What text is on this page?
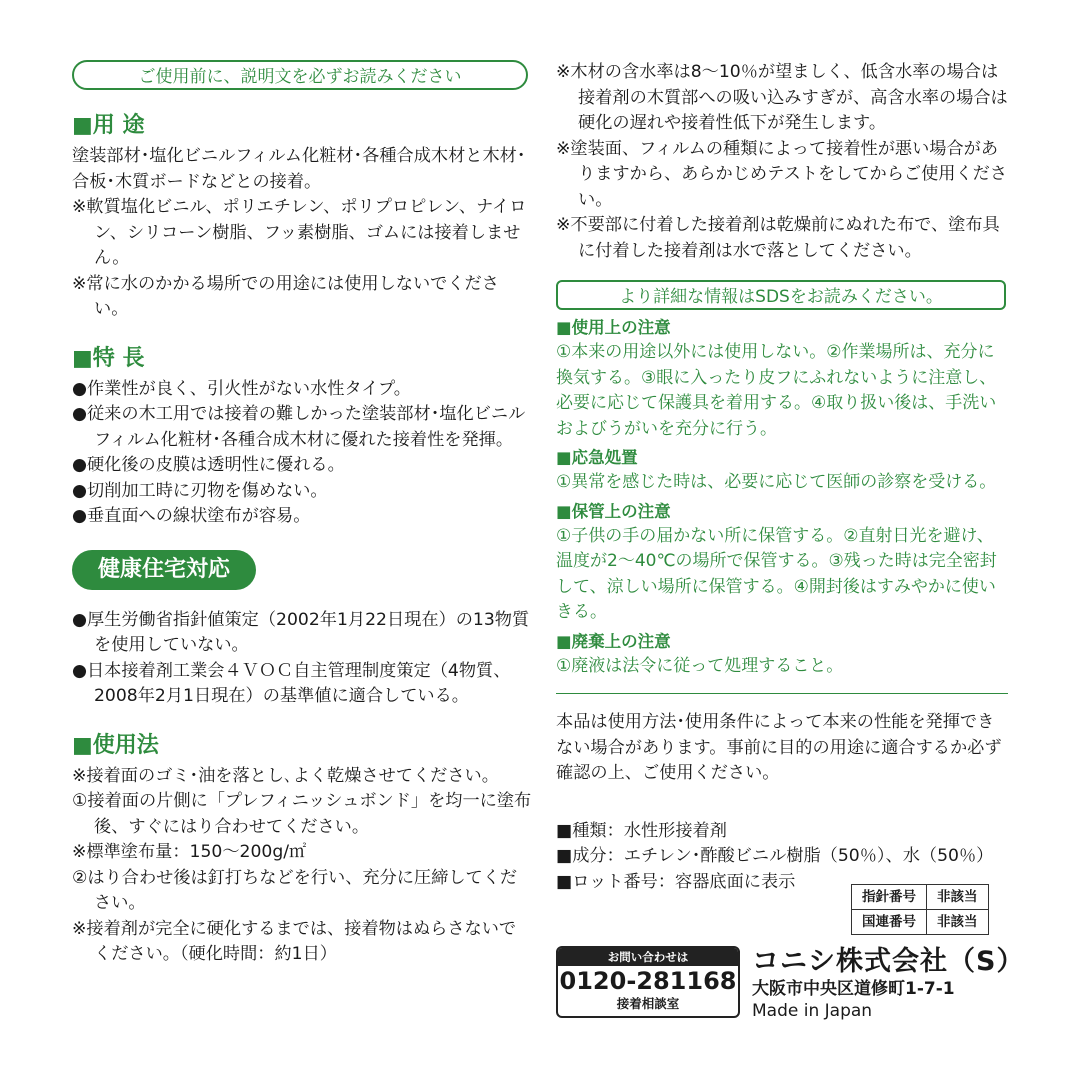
ご使用前に、説明文を必ずお読みください
■用 途
塗装部材･塩化ビニルフィルム化粧材･各種合成木材と木材･合板･木質ボードなどとの接着。
※軟質塩化ビニル、ポリエチレン、ポリプロピレン、ナイロン、シリコーン樹脂、フッ素樹脂、ゴムには接着しません。
※常に水のかかる場所での用途には使用しないでください。
■特 長
●作業性が良く、引火性がない水性タイプ。
●従来の木工用では接着の難しかった塗装部材･塩化ビニルフィルム化粧材･各種合成木材に優れた接着性を発揮。
●硬化後の皮膜は透明性に優れる。
●切削加工時に刃物を傷めない。
●垂直面への線状塗布が容易。
健康住宅対応
●厚生労働省指針値策定（2002年1月22日現在）の13物質を使用していない。
●日本接着剤工業会４ＶＯＣ自主管理制度策定（4物質、2008年2月1日現在）の基準値に適合している。
■使用法
※接着面のゴミ･油を落とし､よく乾燥させてください。
①接着面の片側に「プレフィニッシュボンド」を均一に塗布後、すぐにはり合わせてください。
※標準塗布量：150～200g/㎡
②はり合わせ後は釘打ちなどを行い、充分に圧締してください。
※接着剤が完全に硬化するまでは、接着物はぬらさないでください。（硬化時間：約1日）
※木材の含水率は8～10％が望ましく、低含水率の場合は接着剤の木質部への吸い込みすぎが、高含水率の場合は硬化の遅れや接着性低下が発生します。
※塗装面、フィルムの種類によって接着性が悪い場合がありますから、あらかじめテストをしてからご使用ください。
※不要部に付着した接着剤は乾燥前にぬれた布で、塗布具に付着した接着剤は水で落としてください。
より詳細な情報はSDSをお読みください。
■使用上の注意
①本来の用途以外には使用しない。②作業場所は、充分に換気する。③眼に入ったり皮フにふれないように注意し、必要に応じて保護具を着用する。④取り扱い後は、手洗いおよびうがいを充分に行う。
■応急処置
①異常を感じた時は、必要に応じて医師の診察を受ける。
■保管上の注意
①子供の手の届かない所に保管する。②直射日光を避け、温度が2～40℃の場所で保管する。③残った時は完全密封して、涼しい場所に保管する。④開封後はすみやかに使いきる。
■廃棄上の注意
①廃液は法令に従って処理すること。
本品は使用方法･使用条件によって本来の性能を発揮できない場合があります。事前に目的の用途に適合するか必ず確認の上、ご使用ください。
■種類：水性形接着剤
■成分：エチレン･酢酸ビニル樹脂（50％）、水（50％）
■ロット番号：容器底面に表示
指針番号	非該当
国連番号	非該当
お問い合わせは
0120-281168
接着相談室
コニシ株式会社（S）
大阪市中央区道修町1-7-1
Made in Japan
